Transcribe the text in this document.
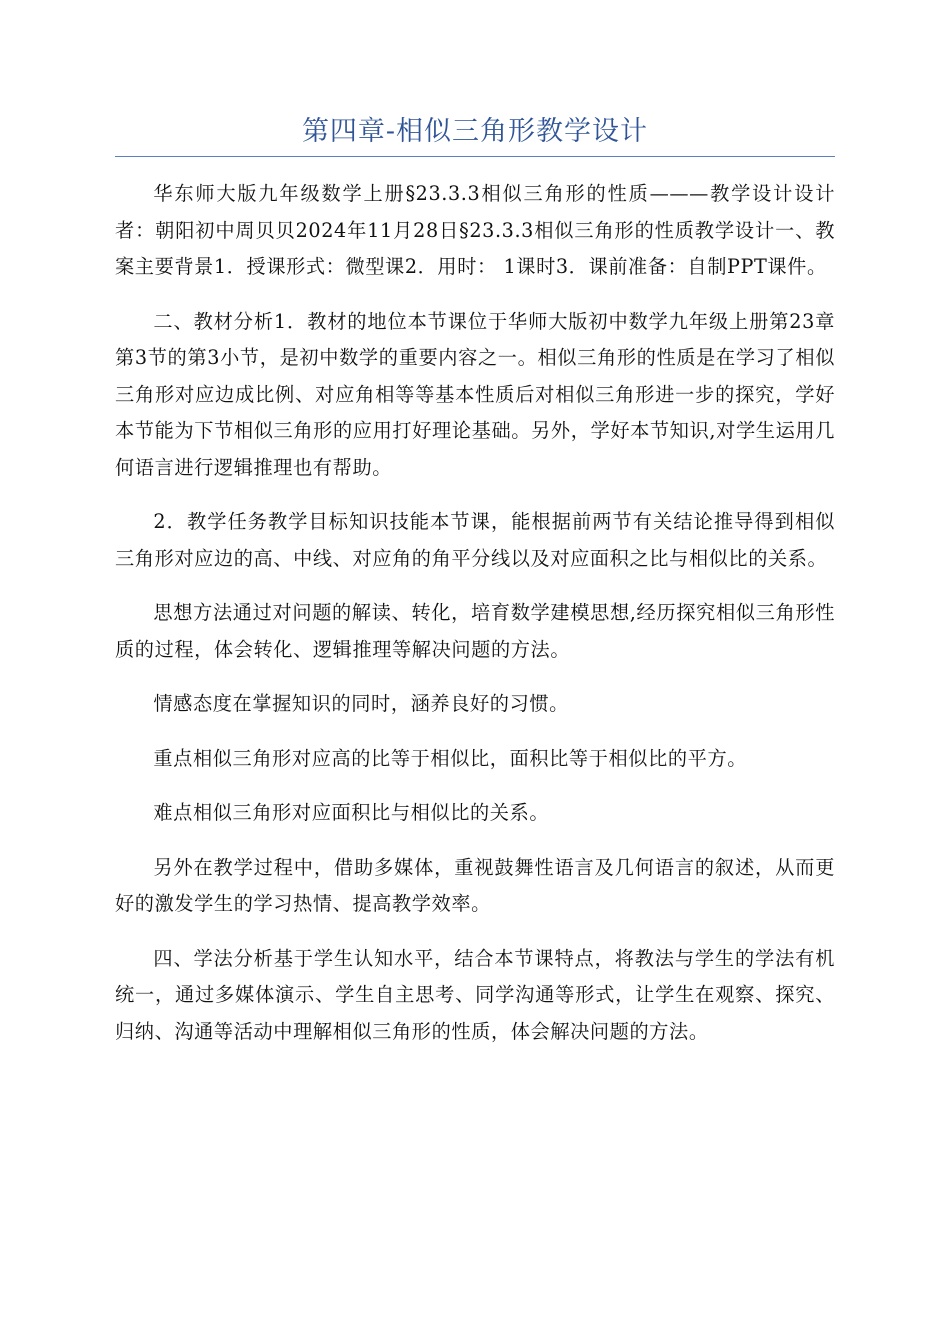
第四章-相似三角形教学设计

华东师大版九年级数学上册§23.3.3相似三角形的性质———教学设计设计者：朝阳初中周贝贝2024年11月28日§23.3.3相似三角形的性质教学设计一、教案主要背景1．授课形式：微型课2．用时： 1课时3．课前准备：自制PPT课件。

二、教材分析1．教材的地位本节课位于华师大版初中数学九年级上册第23章第3节的第3小节，是初中数学的重要内容之一。相似三角形的性质是在学习了相似三角形对应边成比例、对应角相等等基本性质后对相似三角形进一步的探究，学好本节能为下节相似三角形的应用打好理论基础。另外，学好本节知识,对学生运用几何语言进行逻辑推理也有帮助。

2．教学任务教学目标知识技能本节课，能根据前两节有关结论推导得到相似三角形对应边的高、中线、对应角的角平分线以及对应面积之比与相似比的关系。

思想方法通过对问题的解读、转化，培育数学建模思想,经历探究相似三角形性质的过程，体会转化、逻辑推理等解决问题的方法。

情感态度在掌握知识的同时，涵养良好的习惯。

重点相似三角形对应高的比等于相似比，面积比等于相似比的平方。

难点相似三角形对应面积比与相似比的关系。

另外在教学过程中，借助多媒体，重视鼓舞性语言及几何语言的叙述，从而更好的激发学生的学习热情、提高教学效率。

四、学法分析基于学生认知水平，结合本节课特点，将教法与学生的学法有机统一，通过多媒体演示、学生自主思考、同学沟通等形式，让学生在观察、探究、归纳、沟通等活动中理解相似三角形的性质，体会解决问题的方法。
